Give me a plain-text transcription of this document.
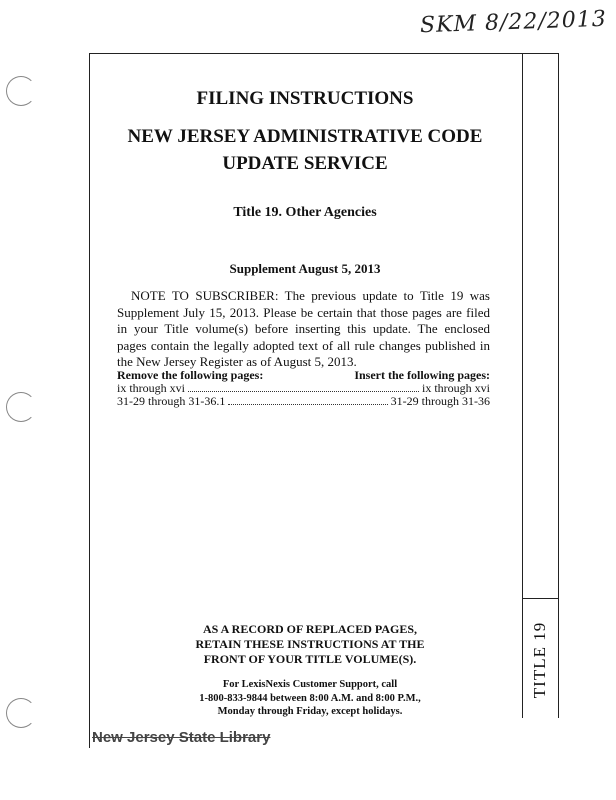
SKM 8/22/2013
TITLE 19
FILING INSTRUCTIONS
NEW JERSEY ADMINISTRATIVE CODE
UPDATE SERVICE
Title 19. Other Agencies
Supplement August 5, 2013
NOTE TO SUBSCRIBER: The previous update to Title 19 was Supplement July 15, 2013. Please be certain that those pages are filed in your Title volume(s) before inserting this update. The enclosed pages contain the legally adopted text of all rule changes published in the New Jersey Register as of August 5, 2013.
Remove the following pages:	Insert the following pages:
ix through xvi	ix through xvi
31-29 through 31-36.1	31-29 through 31-36
AS A RECORD OF REPLACED PAGES,
RETAIN THESE INSTRUCTIONS AT THE
FRONT OF YOUR TITLE VOLUME(S).
For LexisNexis Customer Support, call
1-800-833-9844 between 8:00 A.M. and 8:00 P.M.,
Monday through Friday, except holidays.
New Jersey State Library
